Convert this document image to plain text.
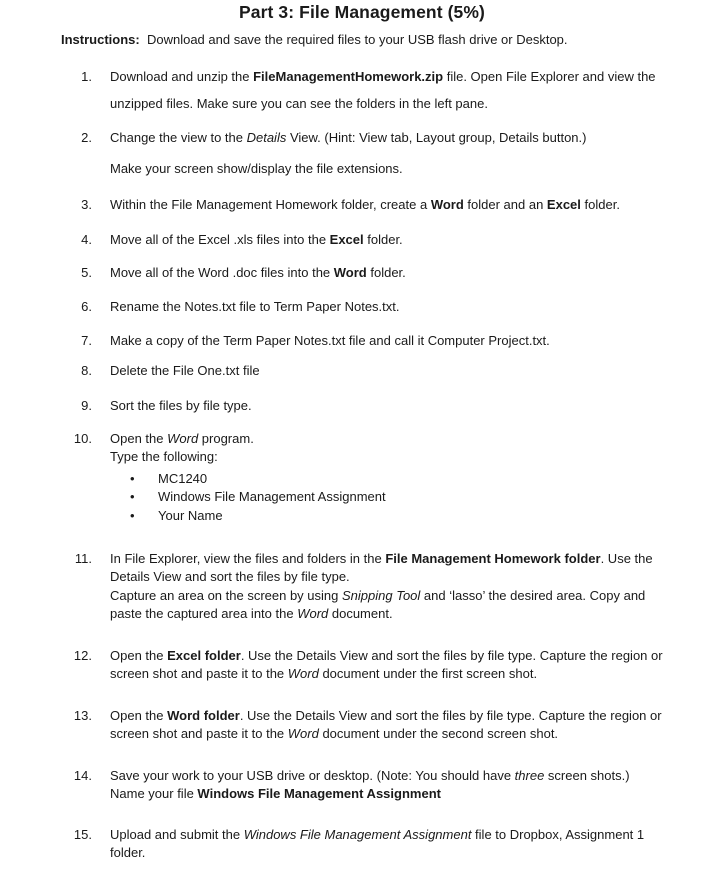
Part 3: File Management (5%)
Instructions: Download and save the required files to your USB flash drive or Desktop.
1. Download and unzip the FileManagementHomework.zip file. Open File Explorer and view the
unzipped files. Make sure you can see the folders in the left pane.
2. Change the view to the Details View. (Hint: View tab, Layout group, Details button.)
Make your screen show/display the file extensions.
3. Within the File Management Homework folder, create a Word folder and an Excel folder.
4. Move all of the Excel .xls files into the Excel folder.
5. Move all of the Word .doc files into the Word folder.
6. Rename the Notes.txt file to Term Paper Notes.txt.
7. Make a copy of the Term Paper Notes.txt file and call it Computer Project.txt.
8. Delete the File One.txt file
9. Sort the files by file type.
10. Open the Word program.
Type the following:
• MC1240
• Windows File Management Assignment
• Your Name
11. In File Explorer, view the files and folders in the File Management Homework folder. Use the
Details View and sort the files by file type.
Capture an area on the screen by using Snipping Tool and ‘lasso’ the desired area. Copy and
paste the captured area into the Word document.
12. Open the Excel folder. Use the Details View and sort the files by file type. Capture the region or
screen shot and paste it to the Word document under the first screen shot.
13. Open the Word folder. Use the Details View and sort the files by file type. Capture the region or
screen shot and paste it to the Word document under the second screen shot.
14. Save your work to your USB drive or desktop. (Note: You should have three screen shots.)
Name your file Windows File Management Assignment
15. Upload and submit the Windows File Management Assignment file to Dropbox, Assignment 1
folder.
